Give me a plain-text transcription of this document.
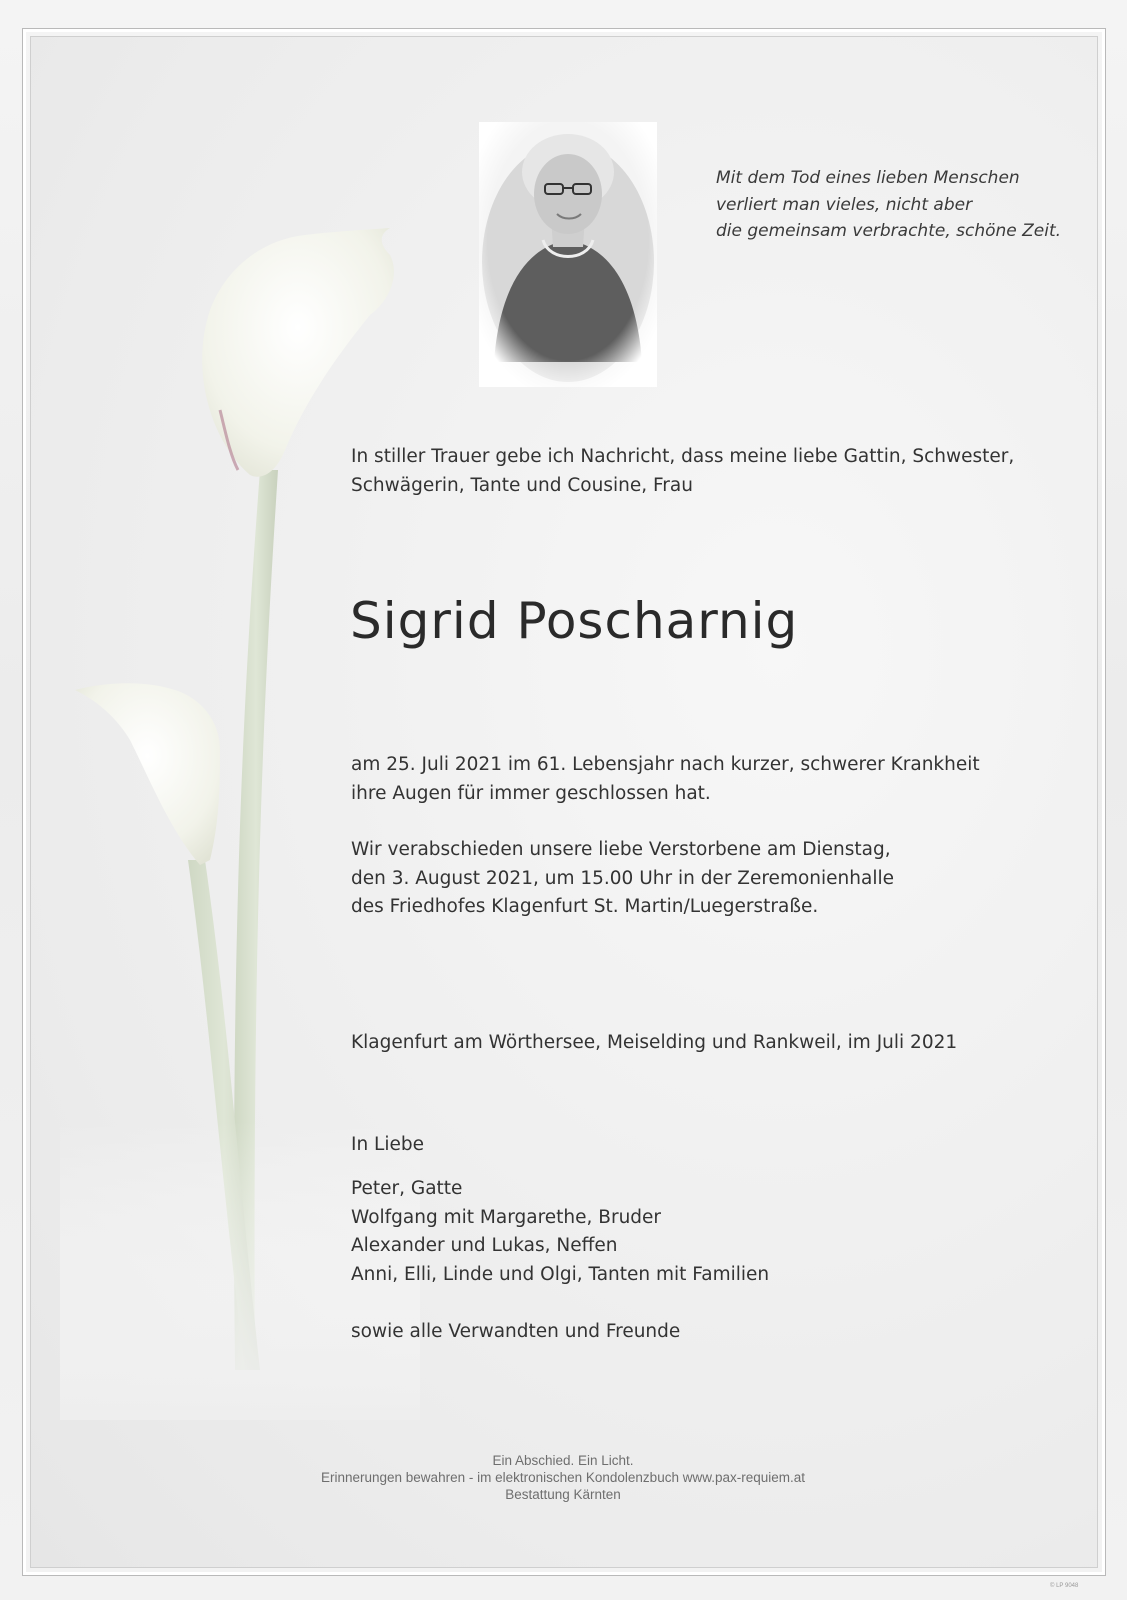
Mit dem Tod eines lieben Menschen
verliert man vieles, nicht aber
die gemeinsam verbrachte, schöne Zeit.
In stiller Trauer gebe ich Nachricht, dass meine liebe Gattin, Schwester,
Schwägerin, Tante und Cousine, Frau
Sigrid Poscharnig
am 25. Juli 2021 im 61. Lebensjahr nach kurzer, schwerer Krankheit
ihre Augen für immer geschlossen hat.
Wir verabschieden unsere liebe Verstorbene am Dienstag,
den 3. August 2021, um 15.00 Uhr in der Zeremonienhalle
des Friedhofes Klagenfurt St. Martin/Luegerstraße.
Klagenfurt am Wörthersee, Meiselding und Rankweil, im Juli 2021
In Liebe
Peter, Gatte
Wolfgang mit Margarethe, Bruder
Alexander und Lukas, Neffen
Anni, Elli, Linde und Olgi, Tanten mit Familien
sowie alle Verwandten und Freunde
Ein Abschied. Ein Licht.
Erinnerungen bewahren - im elektronischen Kondolenzbuch www.pax-requiem.at
Bestattung Kärnten
© LP 9048
